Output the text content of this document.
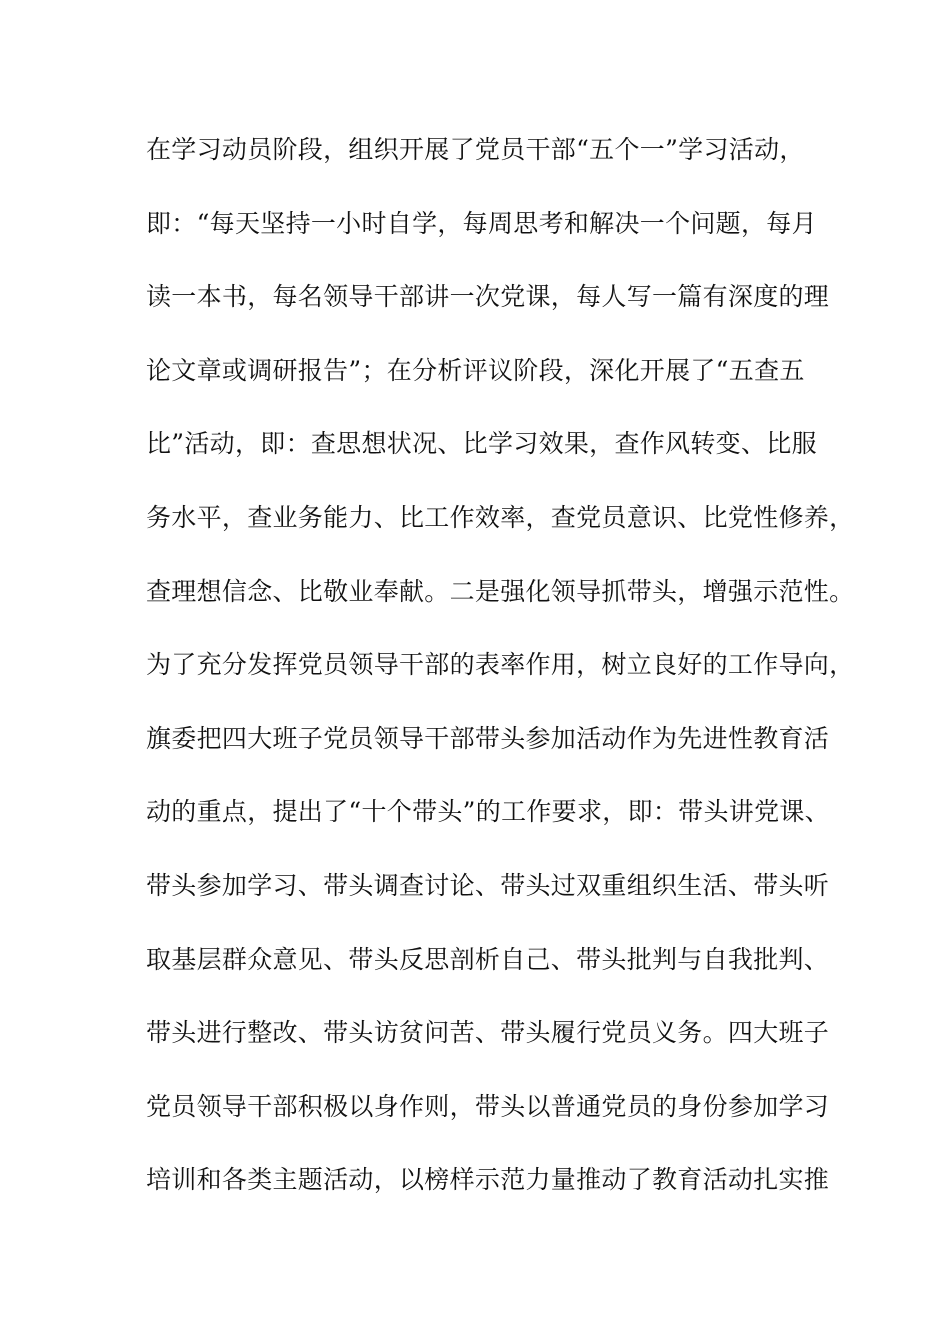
在学习动员阶段，组织开展了党员干部“五个一”学习活动，
即：“每天坚持一小时自学，每周思考和解决一个问题，每月
读一本书，每名领导干部讲一次党课，每人写一篇有深度的理
论文章或调研报告”；在分析评议阶段，深化开展了“五查五
比”活动，即：查思想状况、比学习效果，查作风转变、比服
务水平，查业务能力、比工作效率，查党员意识、比党性修养，
查理想信念、比敬业奉献。二是强化领导抓带头，增强示范性。
为了充分发挥党员领导干部的表率作用，树立良好的工作导向，
旗委把四大班子党员领导干部带头参加活动作为先进性教育活
动的重点，提出了“十个带头”的工作要求，即：带头讲党课、
带头参加学习、带头调查讨论、带头过双重组织生活、带头听
取基层群众意见、带头反思剖析自己、带头批判与自我批判、
带头进行整改、带头访贫问苦、带头履行党员义务。四大班子
党员领导干部积极以身作则，带头以普通党员的身份参加学习
培训和各类主题活动，以榜样示范力量推动了教育活动扎实推
